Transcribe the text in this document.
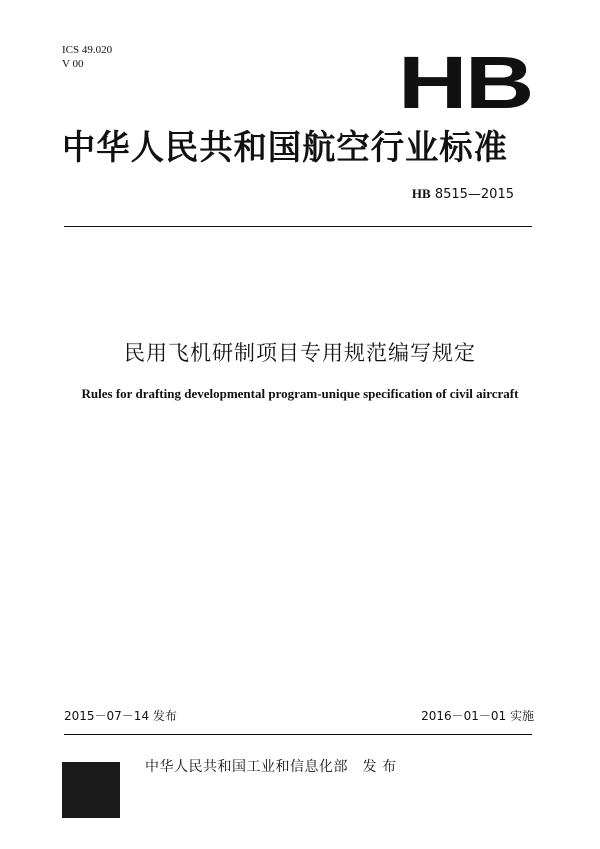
ICS 49.020
V 00	HB
中华人民共和国航空行业标准
HB 8515—2015
民用飞机研制项目专用规范编写规定
Rules for drafting developmental program-unique specification of civil aircraft
2015－07－14 发布	2016－01－01 实施
中华人民共和国工业和信息化部　发 布
